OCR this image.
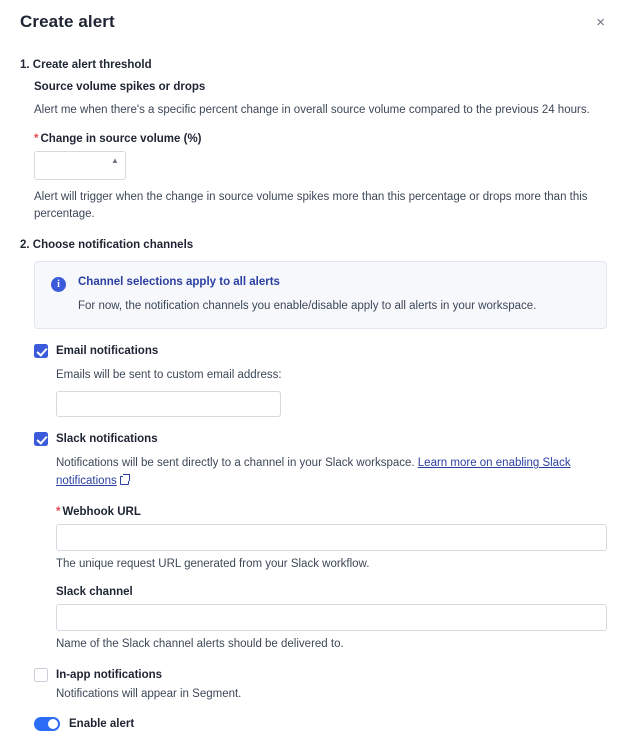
Create alert	×
1. Create alert threshold
Source volume spikes or drops
Alert me when there's a specific percent change in overall source volume compared to the previous 24 hours.
* Change in source volume (%)
▲
Alert will trigger when the change in source volume spikes more than this percentage or drops more than this percentage.
2. Choose notification channels
i	Channel selections apply to all alerts
For now, the notification channels you enable/disable apply to all alerts in your workspace.
Email notifications
Emails will be sent to custom email address:
Slack notifications
Notifications will be sent directly to a channel in your Slack workspace. Learn more on enabling Slack notifications
* Webhook URL
The unique request URL generated from your Slack workflow.
Slack channel
Name of the Slack channel alerts should be delivered to.
In-app notifications
Notifications will appear in Segment.
Enable alert
